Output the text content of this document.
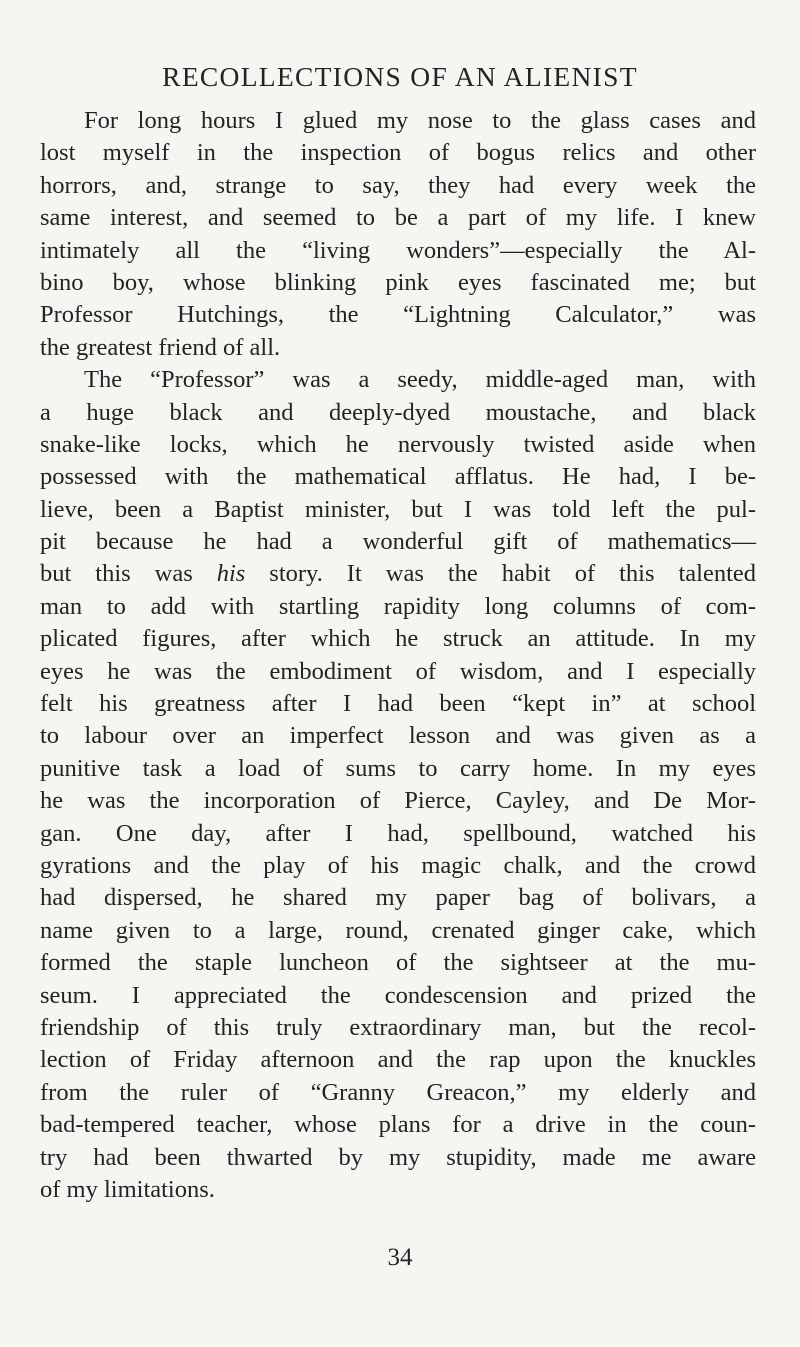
RECOLLECTIONS OF AN ALIENIST
For long hours I glued my nose to the glass cases and
lost myself in the inspection of bogus relics and other
horrors, and, strange to say, they had every week the
same interest, and seemed to be a part of my life. I knew
intimately all the “living wonders”—especially the Al-
bino boy, whose blinking pink eyes fascinated me; but
Professor Hutchings, the “Lightning Calculator,” was
the greatest friend of all.
The “Professor” was a seedy, middle-aged man, with
a huge black and deeply-dyed moustache, and black
snake-like locks, which he nervously twisted aside when
possessed with the mathematical afflatus. He had, I be-
lieve, been a Baptist minister, but I was told left the pul-
pit because he had a wonderful gift of mathematics—
but this was his story. It was the habit of this talented
man to add with startling rapidity long columns of com-
plicated figures, after which he struck an attitude. In my
eyes he was the embodiment of wisdom, and I especially
felt his greatness after I had been “kept in” at school
to labour over an imperfect lesson and was given as a
punitive task a load of sums to carry home. In my eyes
he was the incorporation of Pierce, Cayley, and De Mor-
gan. One day, after I had, spellbound, watched his
gyrations and the play of his magic chalk, and the crowd
had dispersed, he shared my paper bag of bolivars, a
name given to a large, round, crenated ginger cake, which
formed the staple luncheon of the sightseer at the mu-
seum. I appreciated the condescension and prized the
friendship of this truly extraordinary man, but the recol-
lection of Friday afternoon and the rap upon the knuckles
from the ruler of “Granny Greacon,” my elderly and
bad-tempered teacher, whose plans for a drive in the coun-
try had been thwarted by my stupidity, made me aware
of my limitations.
34
